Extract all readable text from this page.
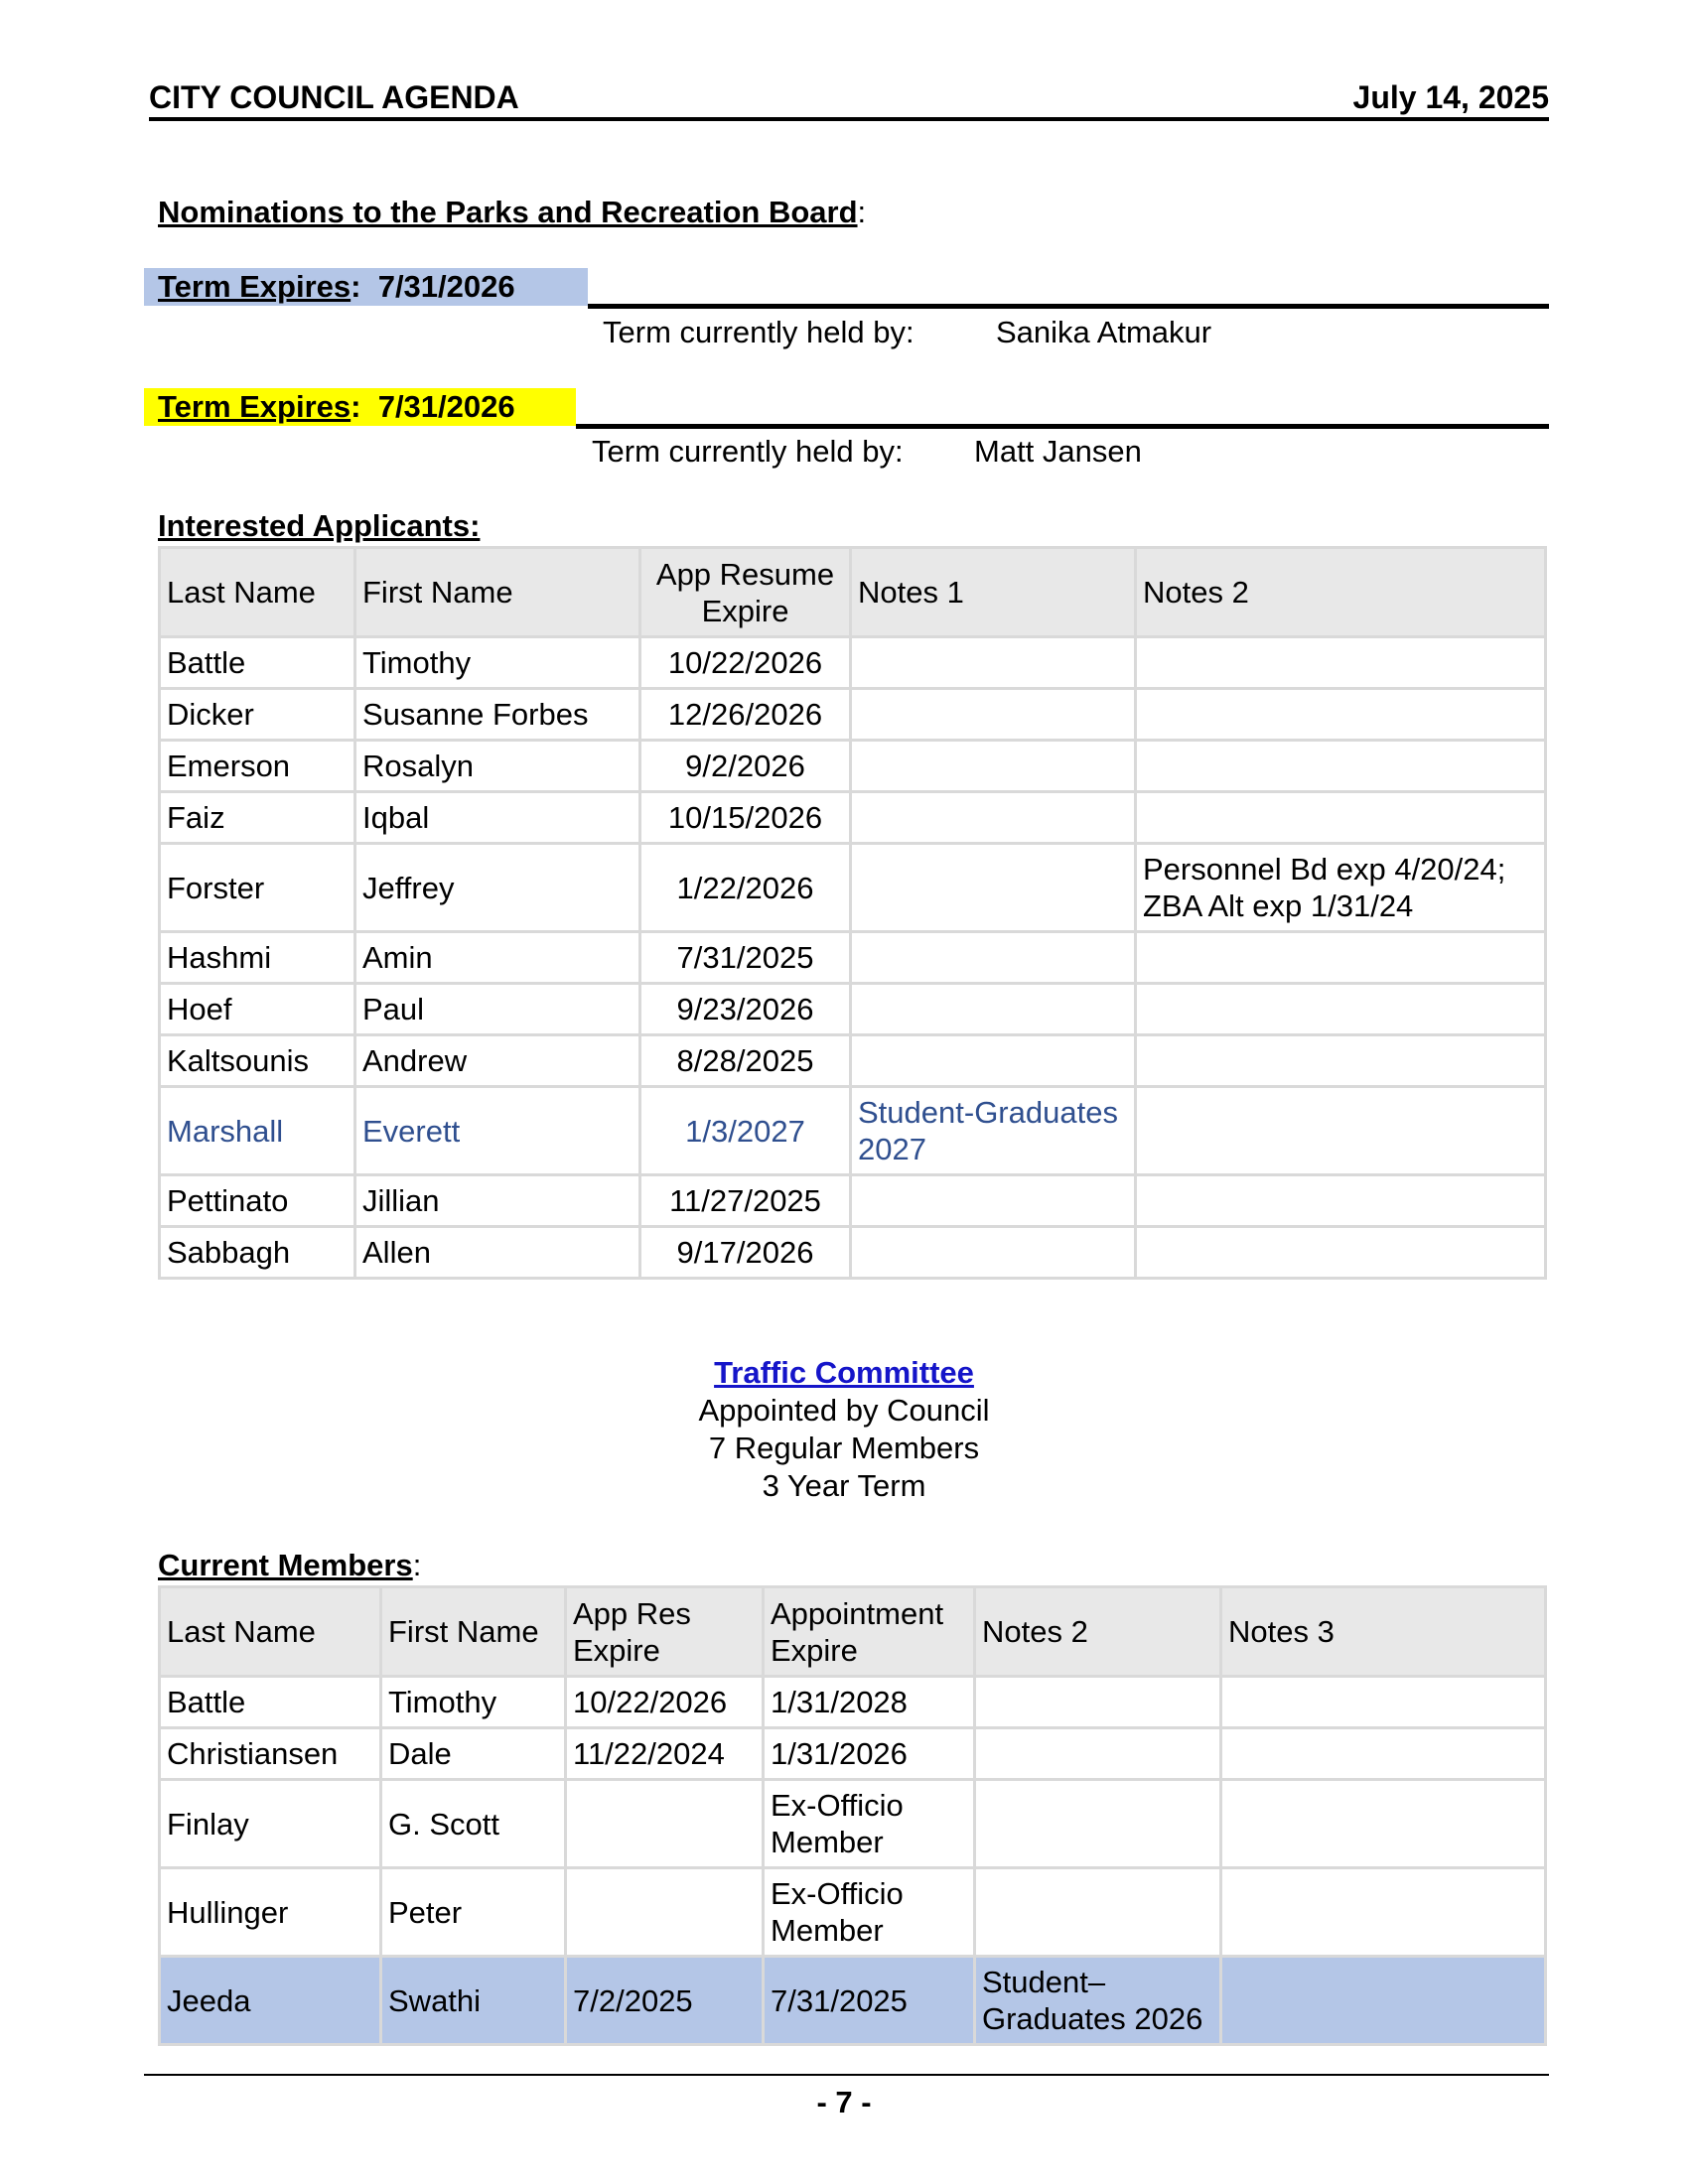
CITY COUNCIL AGENDA	July 14, 2025
Nominations to the Parks and Recreation Board:
Term Expires: 7/31/2026
Term currently held by:	Sanika Atmakur
Term Expires: 7/31/2026
Term currently held by: Matt Jansen
Interested Applicants:
Last Name	First Name	App Resume Expire	Notes 1	Notes 2
Battle	Timothy	10/22/2026		
Dicker	Susanne Forbes	12/26/2026		
Emerson	Rosalyn	9/2/2026		
Faiz	Iqbal	10/15/2026		
Forster	Jeffrey	1/22/2026		Personnel Bd exp 4/20/24; ZBA Alt exp 1/31/24
Hashmi	Amin	7/31/2025		
Hoef	Paul	9/23/2026		
Kaltsounis	Andrew	8/28/2025		
Marshall	Everett	1/3/2027	Student-Graduates 2027	
Pettinato	Jillian	11/27/2025		
Sabbagh	Allen	9/17/2026		
Traffic Committee
Appointed by Council
7 Regular Members
3 Year Term
Current Members:
Last Name	First Name	App Res Expire	Appointment Expire	Notes 2	Notes 3
Battle	Timothy	10/22/2026	1/31/2028		
Christiansen	Dale	11/22/2024	1/31/2026		
Finlay	G. Scott		Ex-Officio Member		
Hullinger	Peter		Ex-Officio Member		
Jeeda	Swathi	7/2/2025	7/31/2025	Student–Graduates 2026	
- 7 -
